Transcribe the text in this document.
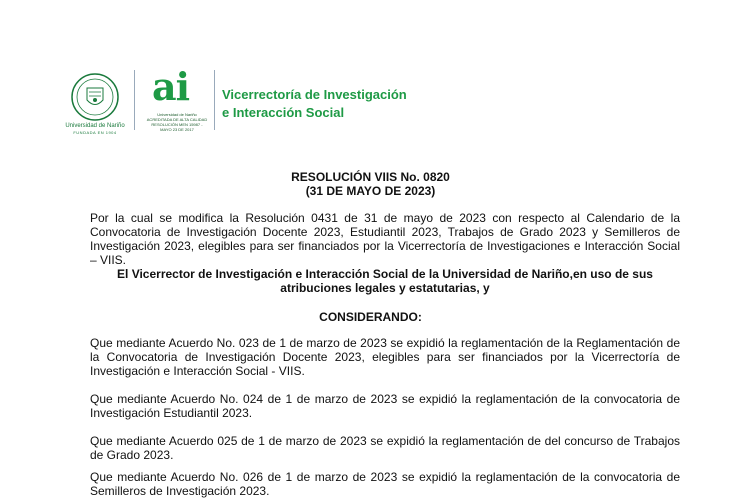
Universidad de Nariño
FUNDADA EN 1904
ai
Universidad de Nariño
ACREDITADA DE ALTA CALIDAD
RESOLUCIÓN MEN 15987 - MAYO 23 DE 2017
Vicerrectoría de Investigación
e Interacción Social
RESOLUCIÓN VIIS No. 0820
(31 DE MAYO DE 2023)
Por la cual se modifica la Resolución 0431 de 31 de mayo de 2023 con respecto al Calendario de la Convocatoria de Investigación Docente 2023, Estudiantil 2023, Trabajos de Grado 2023 y Semilleros de Investigación 2023, elegibles para ser financiados por la Vicerrectoría de Investigaciones e Interacción Social – VIIS.
El Vicerrector de Investigación e Interacción Social de la Universidad de Nariño,en uso de sus atribuciones legales y estatutarias, y
CONSIDERANDO:
Que mediante Acuerdo No. 023 de 1 de marzo de 2023 se expidió la reglamentación de la Reglamentación de la Convocatoria de Investigación Docente 2023, elegibles para ser financiados por la Vicerrectoría de Investigación e Interacción Social - VIIS.
Que mediante Acuerdo No. 024 de 1 de marzo de 2023 se expidió la reglamentación de la convocatoria de Investigación Estudiantil 2023.
Que mediante Acuerdo 025 de 1 de marzo de 2023 se expidió la reglamentación de del concurso de Trabajos de Grado 2023.
Que mediante Acuerdo No. 026 de 1 de marzo de 2023 se expidió la reglamentación de la convocatoria de Semilleros de Investigación 2023.
